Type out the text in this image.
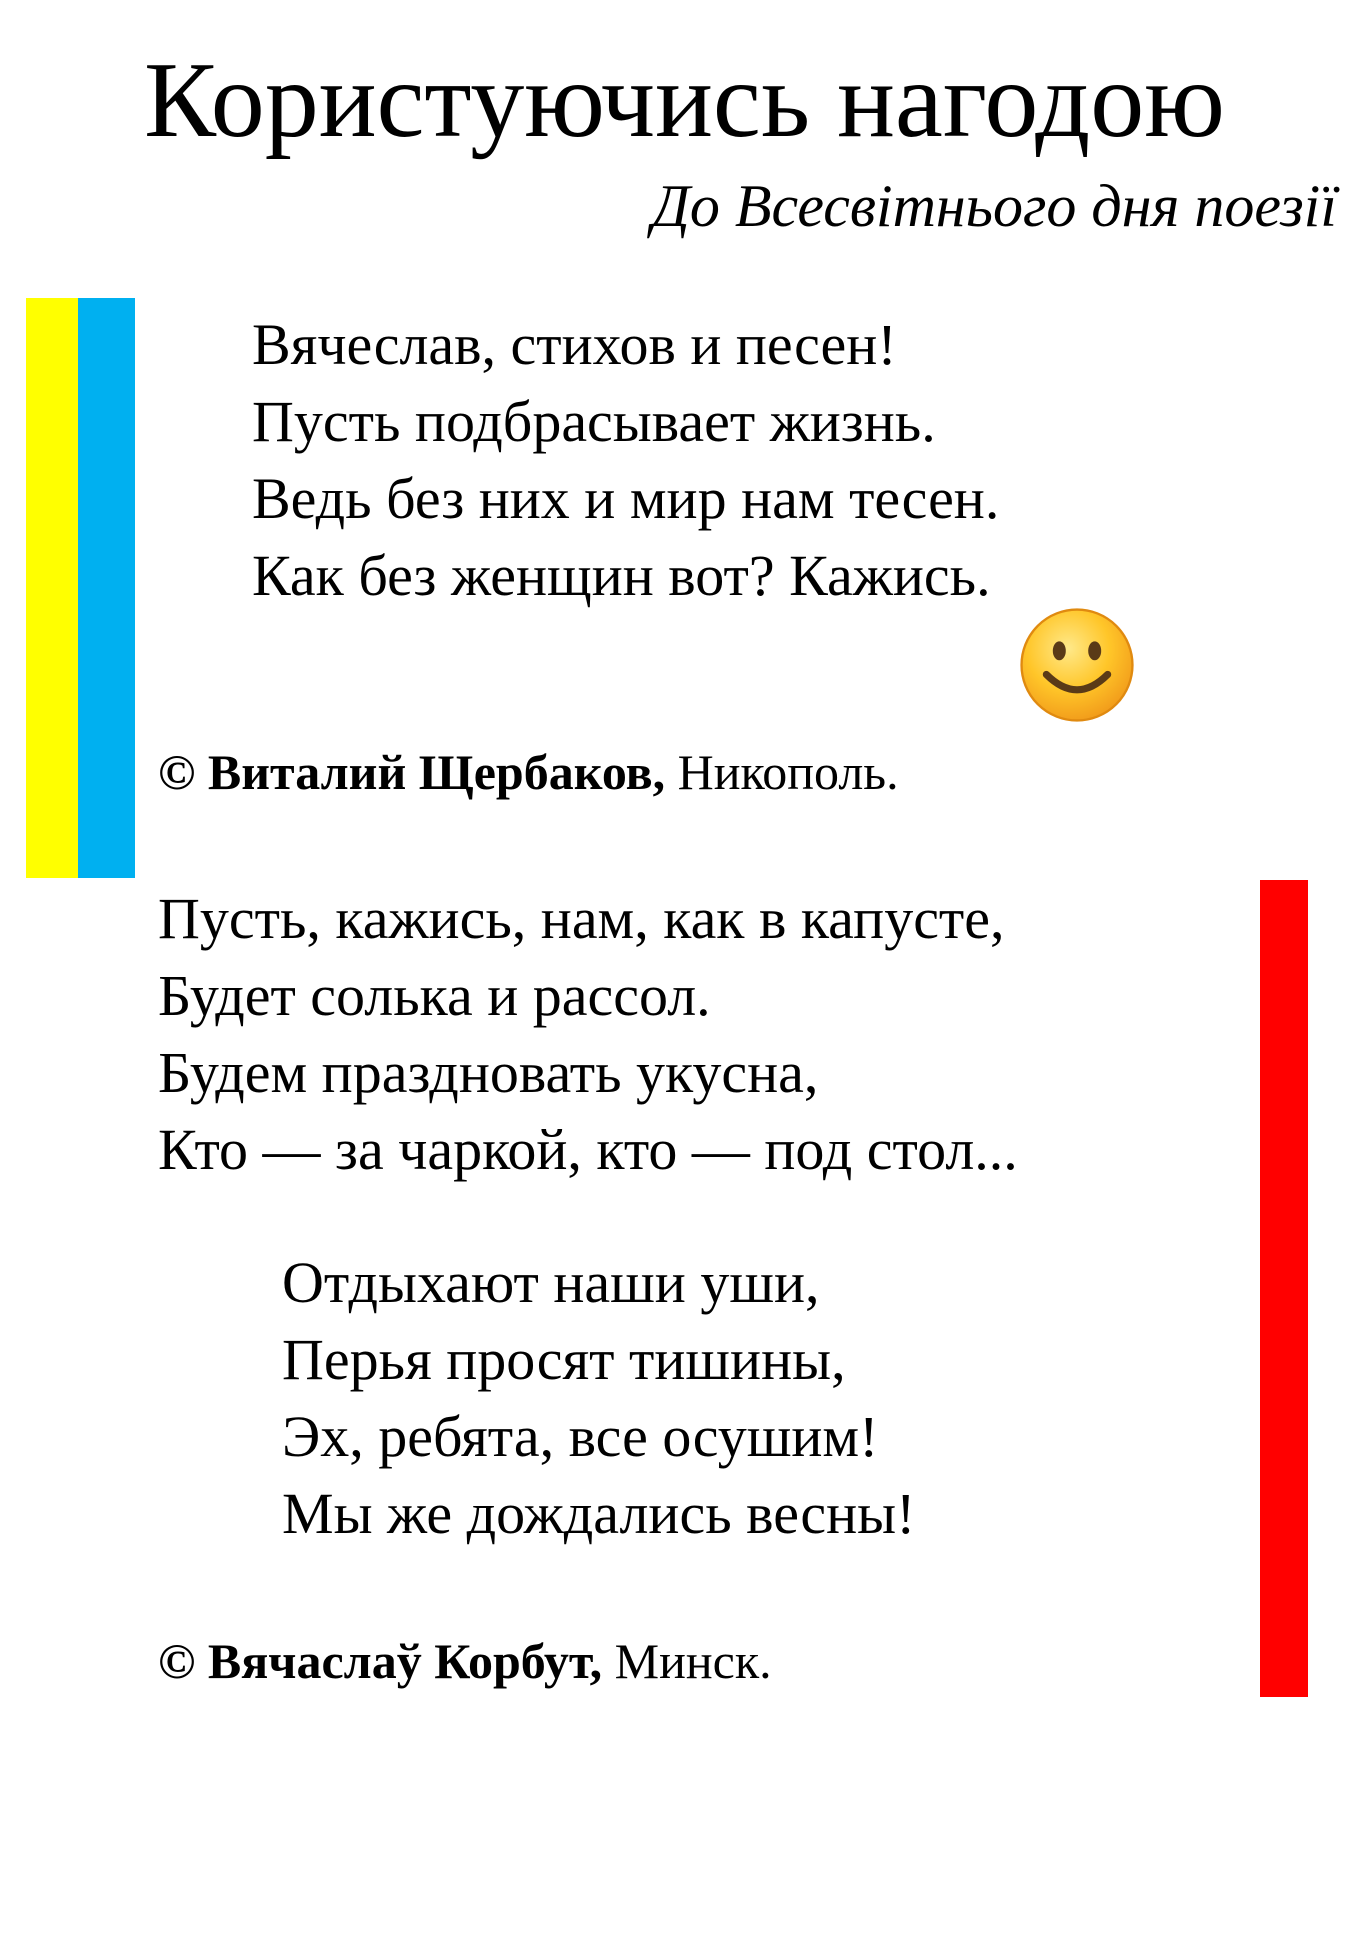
Користуючись нагодою
До Всесвітнього дня поезії
Вячеслав, стихов и песен!
Пусть подбрасывает жизнь.
Ведь без них и мир нам тесен.
Как без женщин вот? Кажись.
© Виталий Щербаков, Никополь.
Пусть, кажись, нам, как в капусте,
Будет солька и рассол.
Будем праздновать укусна,
Кто — за чаркой, кто — под стол...
Отдыхают наши уши,
Перья просят тишины,
Эх, ребята, все осушим!
Мы же дождались весны!
© Вячаслаў Корбут, Минск.
